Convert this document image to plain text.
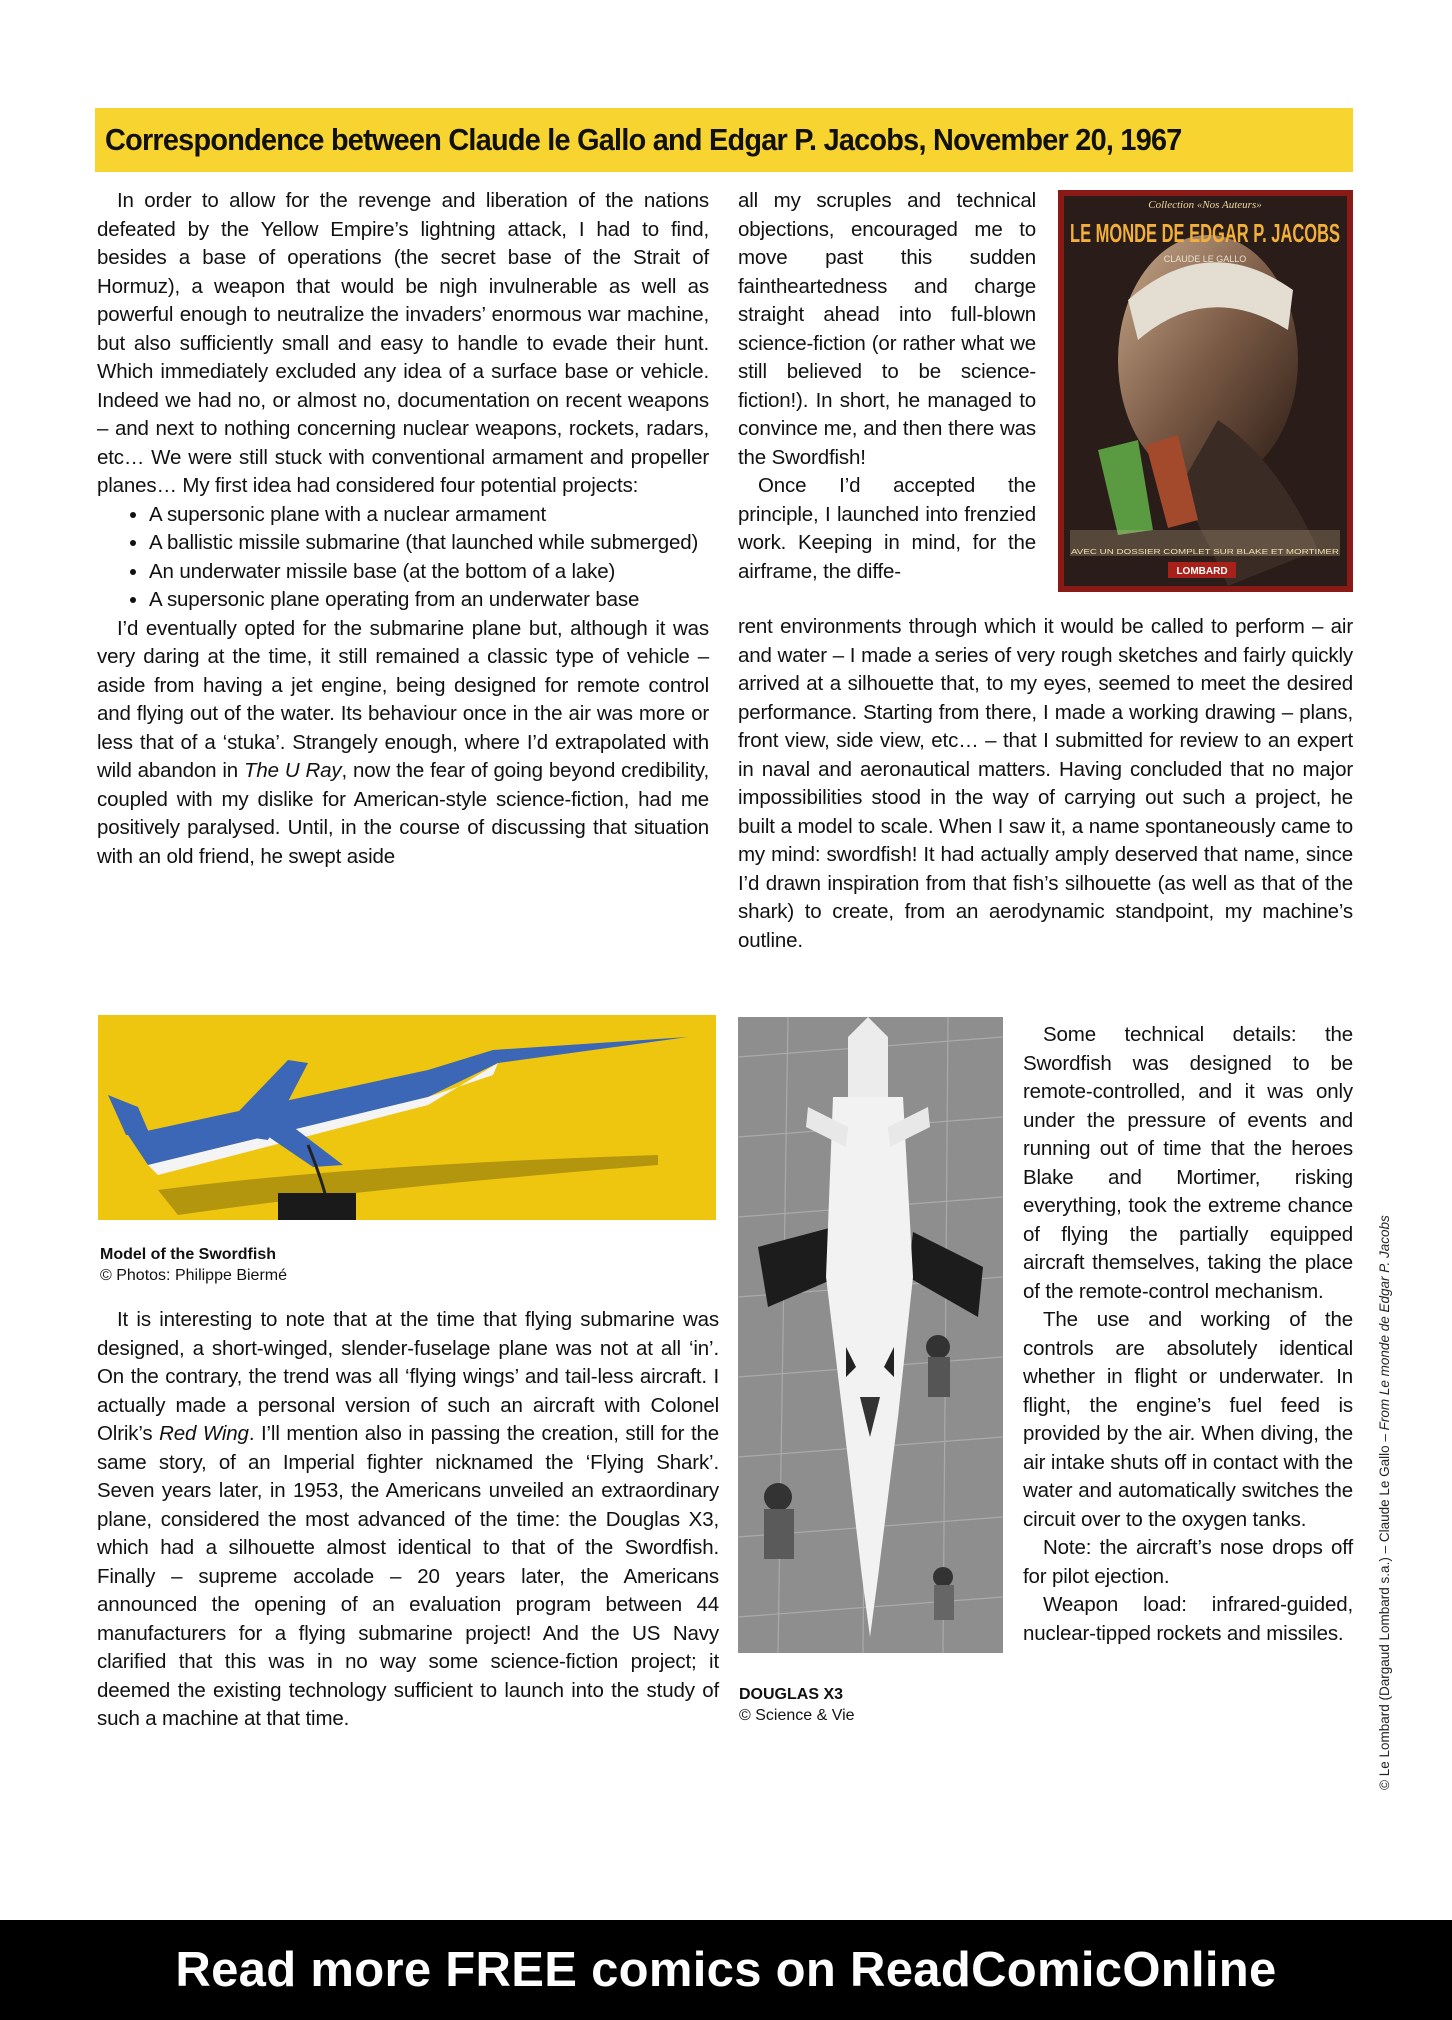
Correspondence between Claude le Gallo and Edgar P. Jacobs, November 20, 1967

In order to allow for the revenge and liberation of the nations defeated by the Yellow Empire’s lightning attack, I had to find, besides a base of operations (the secret base of the Strait of Hormuz), a weapon that would be nigh invulnerable as well as powerful enough to neutralize the invaders’ enormous war machine, but also sufficiently small and easy to handle to evade their hunt. Which immediately excluded any idea of a surface base or vehicle. Indeed we had no, or almost no, documentation on recent weapons – and next to nothing concerning nuclear weapons, rockets, radars, etc… We were still stuck with conventional armament and propeller planes… My first idea had considered four potential projects:

• A supersonic plane with a nuclear armament
• A ballistic missile submarine (that launched while submerged)
• An underwater missile base (at the bottom of a lake)
• A supersonic plane operating from an underwater base

I’d eventually opted for the submarine plane but, although it was very daring at the time, it still remained a classic type of vehicle – aside from having a jet engine, being designed for remote control and flying out of the water. Its behaviour once in the air was more or less that of a ‘stuka’. Strangely enough, where I’d extrapolated with wild abandon in The U Ray, now the fear of going beyond credibility, coupled with my dislike for American-style science-fiction, had me positively paralysed. Until, in the course of discussing that situation with an old friend, he swept aside

all my scruples and technical objections, encouraged me to move past this sudden faintheartedness and charge straight ahead into full-blown science-fiction (or rather what we still believed to be science-fiction!). In short, he managed to convince me, and then there was the Swordfish!

Once I’d accepted the principle, I launched into frenzied work. Keeping in mind, for the airframe, the diffe-

rent environments through which it would be called to perform – air and water – I made a series of very rough sketches and fairly quickly arrived at a silhouette that, to my eyes, seemed to meet the desired performance. Starting from there, I made a working drawing – plans, front view, side view, etc… – that I submitted for review to an expert in naval and aeronautical matters. Having concluded that no major impossibilities stood in the way of carrying out such a project, he built a model to scale. When I saw it, a name spontaneously came to my mind: swordfish! It had actually amply deserved that name, since I’d drawn inspiration from that fish’s silhouette (as well as that of the shark) to create, from an aerodynamic standpoint, my machine’s outline.

Collection «Nos Auteurs»
LE MONDE DE EDGAR P. JACOBS
CLAUDE LE GALLO
AVEC UN DOSSIER COMPLET SUR BLAKE ET MORTIMER
LOMBARD
Model of the Swordfish
© Photos: Philippe Biermé

It is interesting to note that at the time that flying submarine was designed, a short-winged, slender-fuselage plane was not at all ‘in’. On the contrary, the trend was all ‘flying wings’ and tail-less aircraft. I actually made a personal version of such an aircraft with Colonel Olrik’s Red Wing. I’ll mention also in passing the creation, still for the same story, of an Imperial fighter nicknamed the ‘Flying Shark’. Seven years later, in 1953, the Americans unveiled an extraordinary plane, considered the most advanced of the time: the Douglas X3, which had a silhouette almost identical to that of the Swordfish. Finally – supreme accolade – 20 years later, the Americans announced the opening of an evaluation program between 44 manufacturers for a flying submarine project! And the US Navy clarified that this was in no way some science-fiction project; it deemed the existing technology sufficient to launch into the study of such a machine at that time.

DOUGLAS X3
© Science & Vie

Some technical details: the Swordfish was designed to be remote-controlled, and it was only under the pressure of events and running out of time that the heroes Blake and Mortimer, risking everything, took the extreme chance of flying the partially equipped aircraft themselves, taking the place of the remote-control mechanism.

The use and working of the controls are absolutely identical whether in flight or underwater. In flight, the engine’s fuel feed is provided by the air. When diving, the air intake shuts off in contact with the water and automatically switches the circuit over to the oxygen tanks.

Note: the aircraft’s nose drops off for pilot ejection.

Weapon load: infrared-guided, nuclear-tipped rockets and missiles.	© Le Lombard (Dargaud Lombard s.a.) – Claude Le Gallo – From Le monde de Edgar P. Jacobs
Read more FREE comics on ReadComicOnline
